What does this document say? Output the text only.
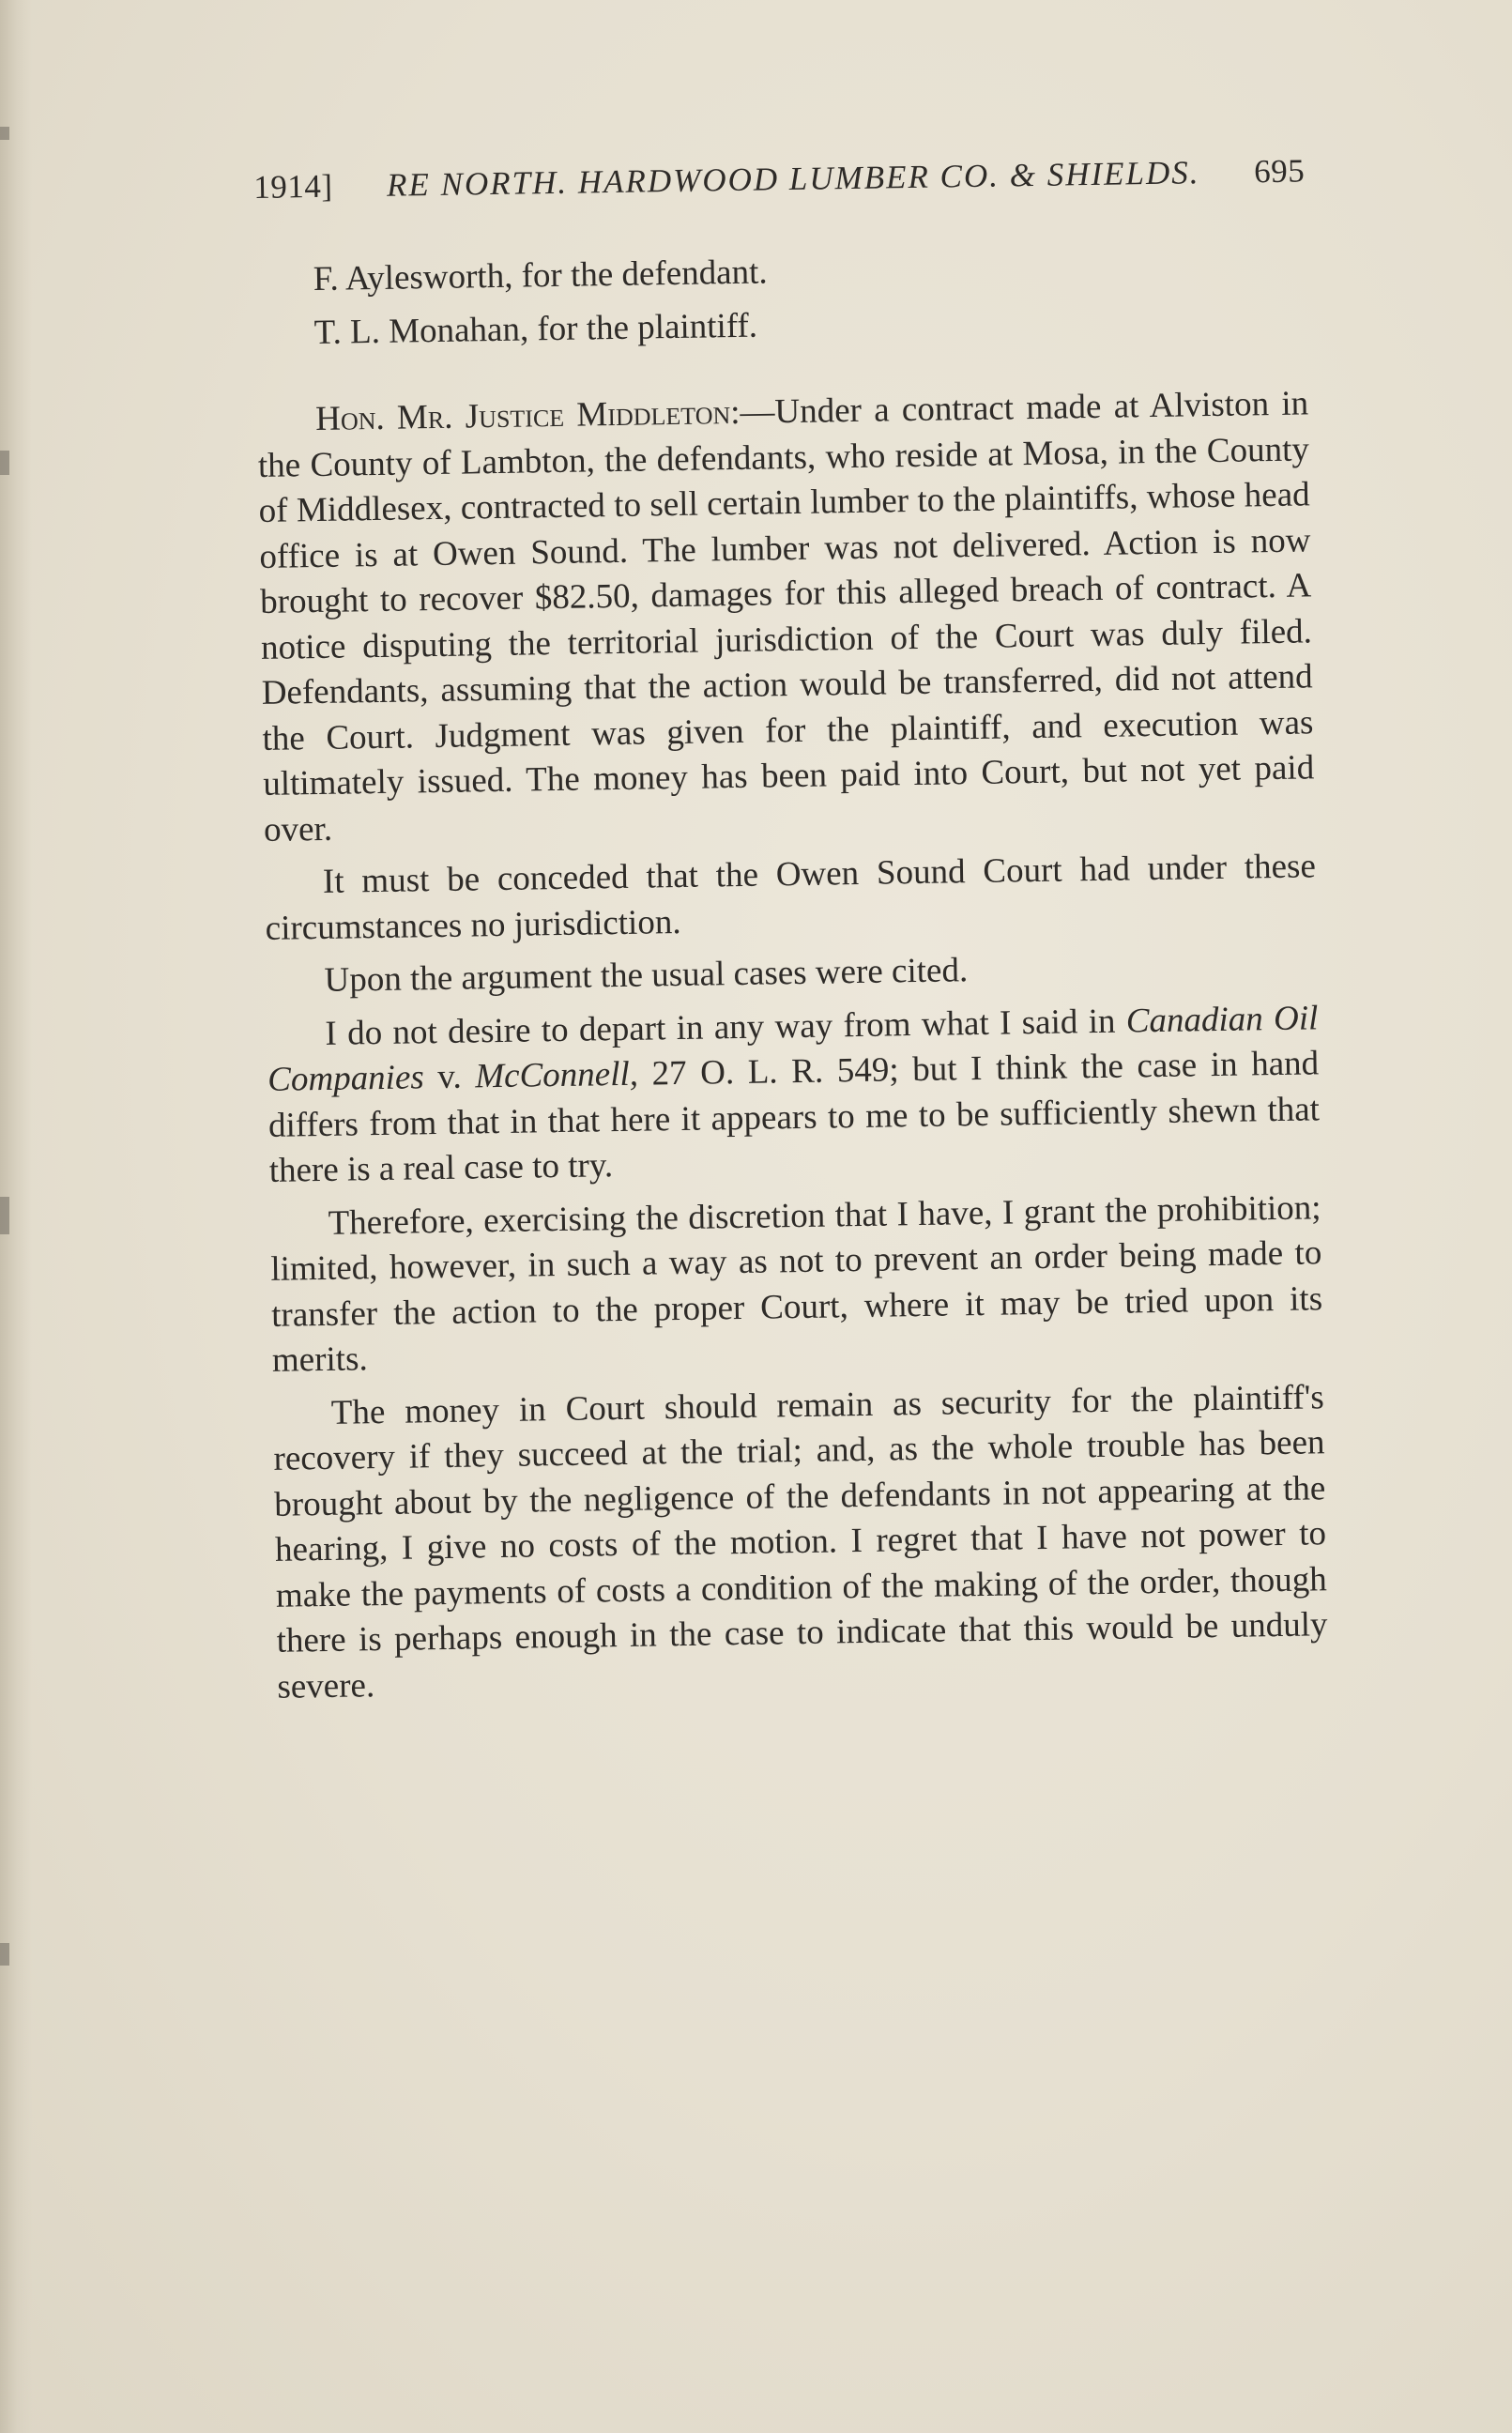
1914]	RE NORTH. HARDWOOD LUMBER CO. & SHIELDS.	695

F. Aylesworth, for the defendant.

T. L. Monahan, for the plaintiff.

Hon. Mr. Justice Middleton:—Under a contract made at Alviston in the County of Lambton, the defendants, who reside at Mosa, in the County of Middlesex, contracted to sell certain lumber to the plaintiffs, whose head office is at Owen Sound. The lumber was not delivered. Action is now brought to recover $82.50, damages for this alleged breach of contract. A notice disputing the territorial jurisdiction of the Court was duly filed. Defendants, assuming that the action would be transferred, did not attend the Court. Judgment was given for the plaintiff, and execution was ultimately issued. The money has been paid into Court, but not yet paid over.

It must be conceded that the Owen Sound Court had under these circumstances no jurisdiction.

Upon the argument the usual cases were cited.

I do not desire to depart in any way from what I said in Canadian Oil Companies v. McConnell, 27 O. L. R. 549; but I think the case in hand differs from that in that here it appears to me to be sufficiently shewn that there is a real case to try.

Therefore, exercising the discretion that I have, I grant the prohibition; limited, however, in such a way as not to prevent an order being made to transfer the action to the proper Court, where it may be tried upon its merits.

The money in Court should remain as security for the plaintiff's recovery if they succeed at the trial; and, as the whole trouble has been brought about by the negligence of the defendants in not appearing at the hearing, I give no costs of the motion. I regret that I have not power to make the payments of costs a condition of the making of the order, though there is perhaps enough in the case to indicate that this would be unduly severe.
